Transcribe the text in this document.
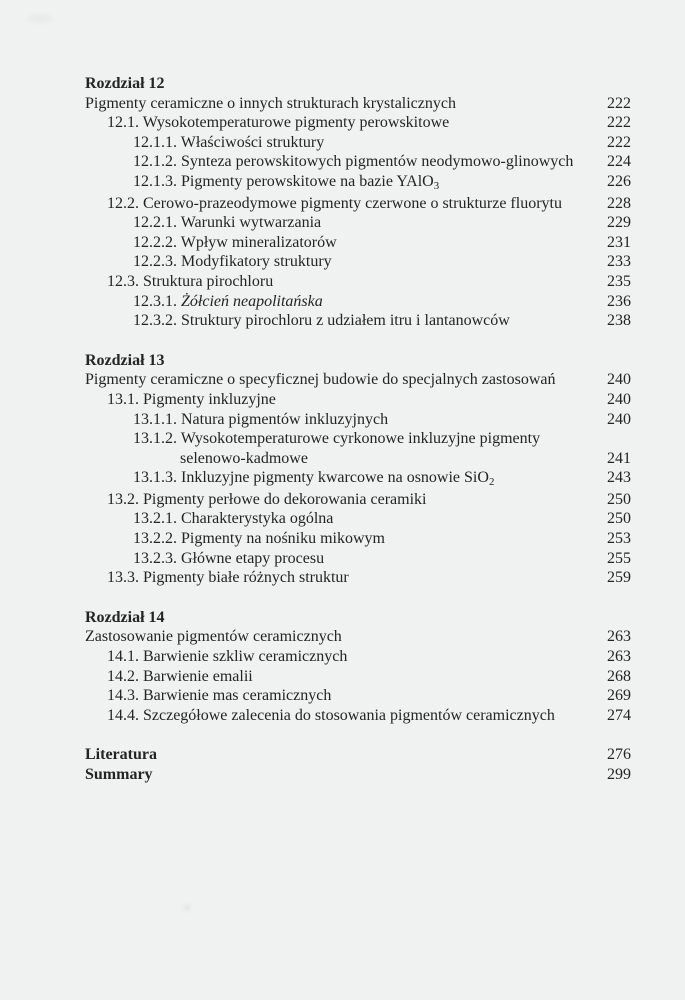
Rozdział 12
Pigmenty ceramiczne o innych strukturach krystalicznych	222
12.1. Wysokotemperaturowe pigmenty perowskitowe	222
12.1.1. Właściwości struktury	222
12.1.2. Synteza perowskitowych pigmentów neodymowo-glinowych	224
12.1.3. Pigmenty perowskitowe na bazie YAlO$_3$	226
12.2. Cerowo-prazeodymowe pigmenty czerwone o strukturze fluorytu	228
12.2.1. Warunki wytwarzania	229
12.2.2. Wpływ mineralizatorów	231
12.2.3. Modyfikatory struktury	233
12.3. Struktura pirochloru	235
12.3.1. Żółcień neapolitańska	236
12.3.2. Struktury pirochloru z udziałem itru i lantanowców	238
Rozdział 13
Pigmenty ceramiczne o specyficznej budowie do specjalnych zastosowań	240
13.1. Pigmenty inkluzyjne	240
13.1.1. Natura pigmentów inkluzyjnych	240
13.1.2. Wysokotemperaturowe cyrkonowe inkluzyjne pigmenty
selenowo-kadmowe	241
13.1.3. Inkluzyjne pigmenty kwarcowe na osnowie SiO$_2$	243
13.2. Pigmenty perłowe do dekorowania ceramiki	250
13.2.1. Charakterystyka ogólna	250
13.2.2. Pigmenty na nośniku mikowym	253
13.2.3. Główne etapy procesu	255
13.3. Pigmenty białe różnych struktur	259
Rozdział 14
Zastosowanie pigmentów ceramicznych	263
14.1. Barwienie szkliw ceramicznych	263
14.2. Barwienie emalii	268
14.3. Barwienie mas ceramicznych	269
14.4. Szczegółowe zalecenia do stosowania pigmentów ceramicznych	274
Literatura	276
Summary	299
